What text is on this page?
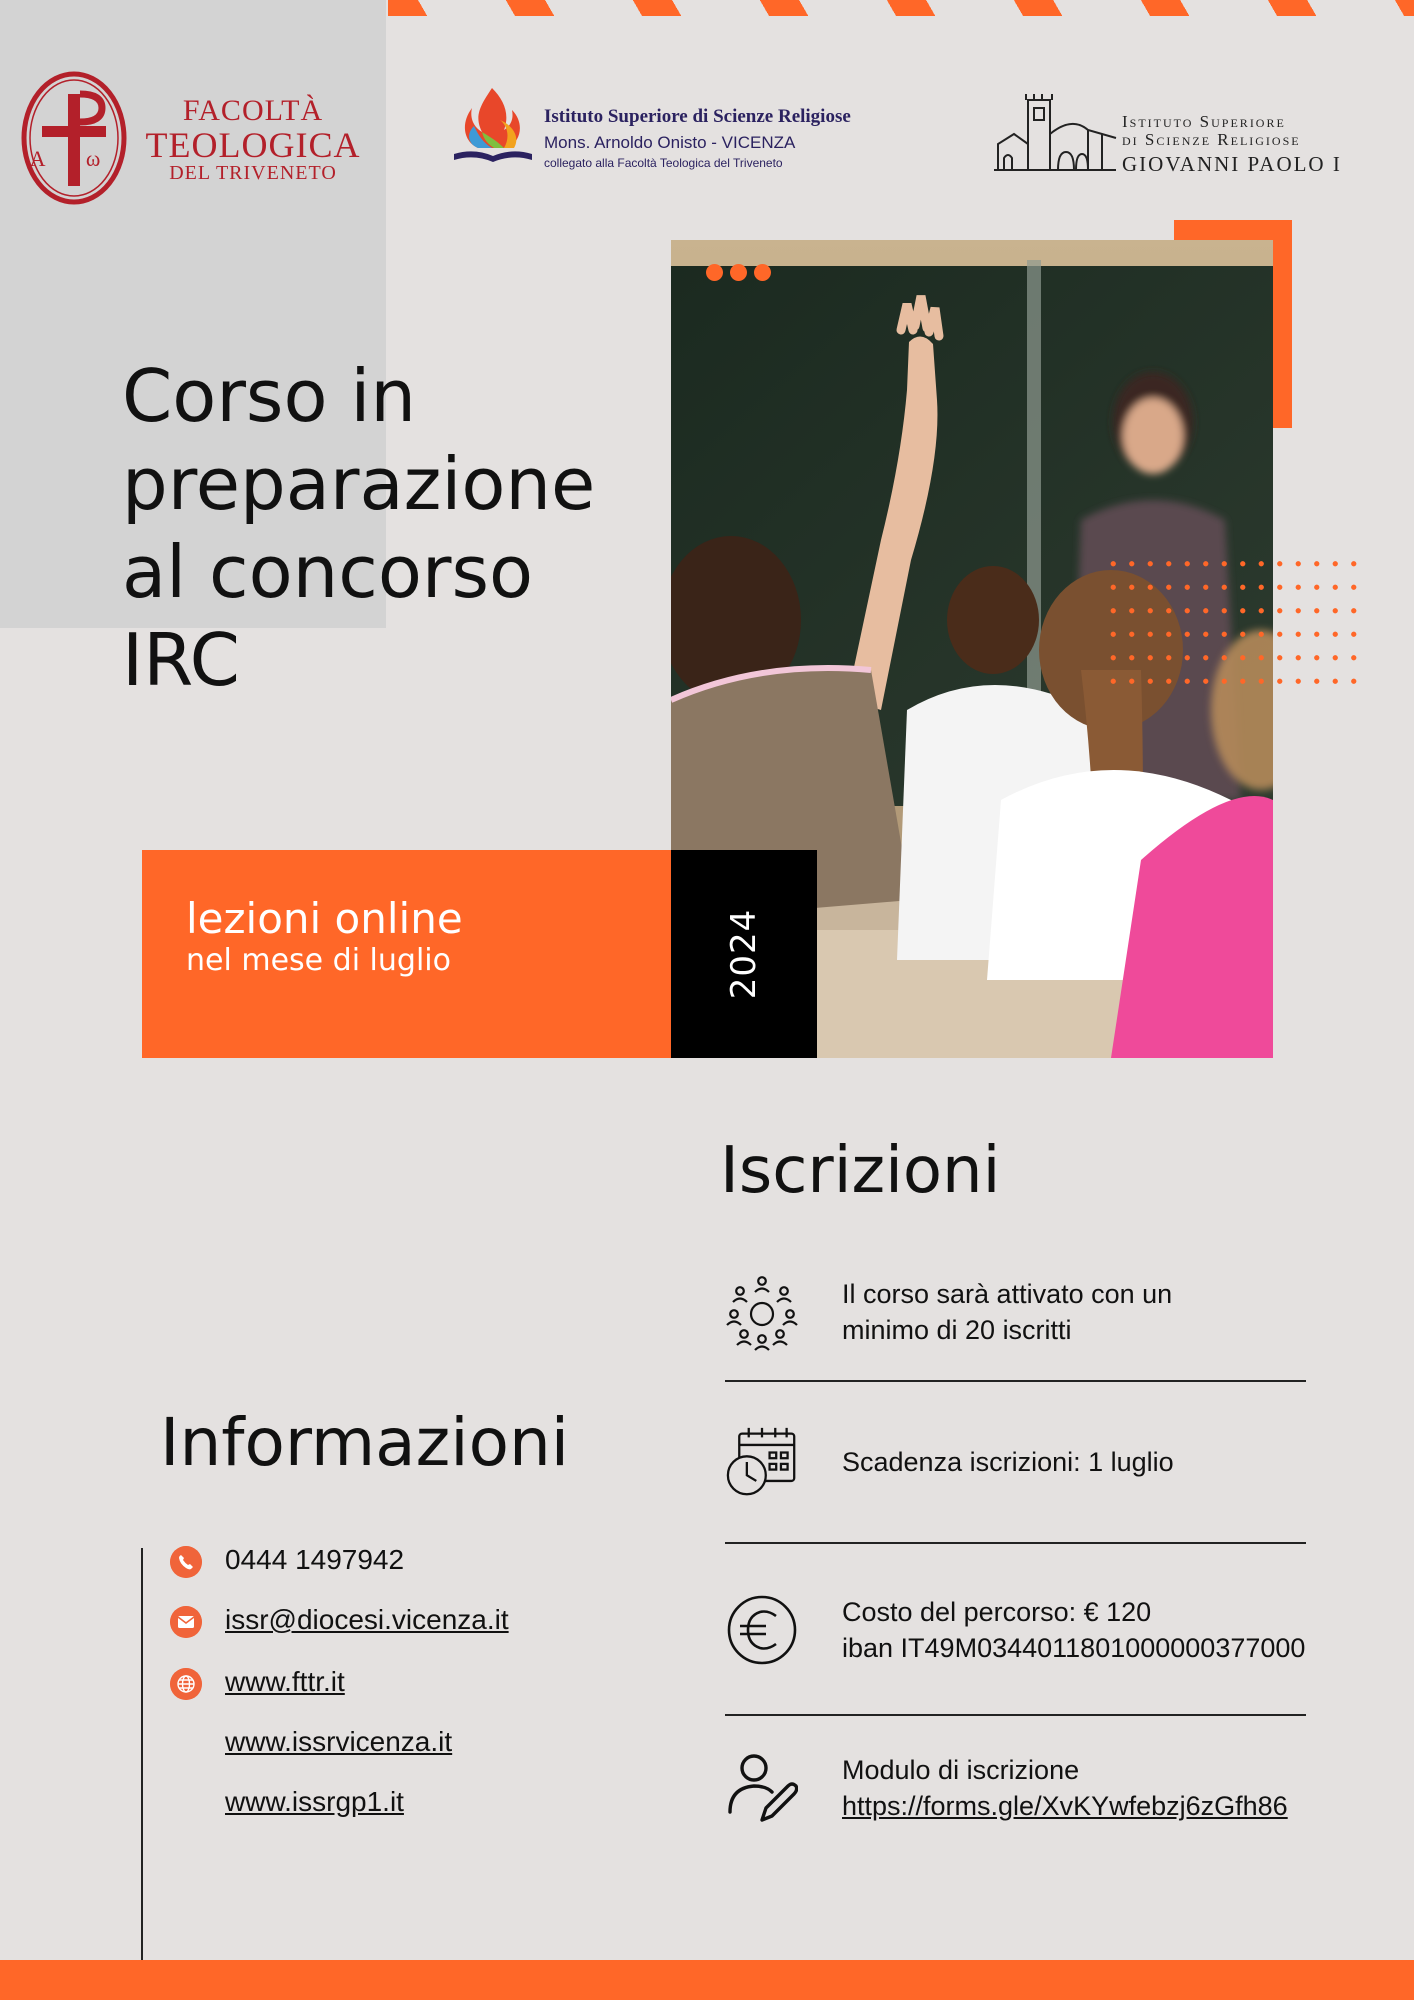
A ω
FACOLTÀ
TEOLOGICA
DEL TRIVENETO
Istituto Superiore di Scienze Religiose
Mons. Arnoldo Onisto - VICENZA
collegato alla Facoltà Teologica del Triveneto
Istituto Superiore
di Scienze Religiose
GIOVANNI PAOLO I
Corso in
preparazione
al concorso
IRC
lezioni online
nel mese di luglio	2024
Iscrizioni
Il corso sarà attivato con un
minimo di 20 iscritti
Scadenza iscrizioni: 1 luglio
Costo del percorso: € 120
iban IT49M0344011801000000377000
Modulo di iscrizione
https://forms.gle/XvKYwfebzj6zGfh86
Informazioni
0444 1497942
issr@diocesi.vicenza.it
www.fttr.it
www.issrvicenza.it
www.issrgp1.it
